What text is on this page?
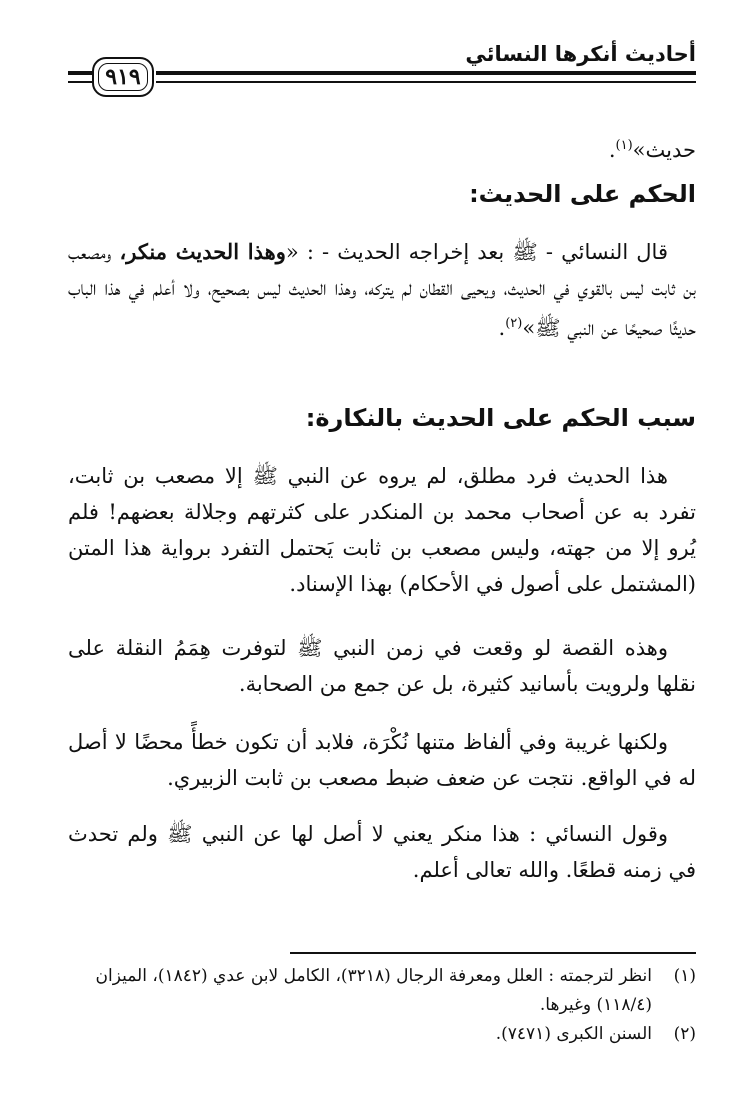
أحاديث أنكرها النسائي
٩١٩

حديث»$^{(١)}$.

الحكم على الحديث:

قال النسائي - ﷺ بعد إخراجه الحديث - : «وهذا الحديث منكر، ومصعب بن ثابت ليس بالقوي في الحديث، ويحيى القطان لم يتركه، وهذا الحديث ليس بصحيح، ولا أعلم في هذا الباب حديثًا صحيحًا عن النبي ﷺ»$^{(٢)}$.

سبب الحكم على الحديث بالنكارة:

هذا الحديث فرد مطلق، لم يروه عن النبي ﷺ إلا مصعب بن ثابت، تفرد به عن أصحاب محمد بن المنكدر على كثرتهم وجلالة بعضهم! فلم يُرو إلا من جهته، وليس مصعب بن ثابت يَحتمل التفرد برواية هذا المتن (المشتمل على أصول في الأحكام) بهذا الإسناد.

وهذه القصة لو وقعت في زمن النبي ﷺ لتوفرت هِمَمُ النقلة على نقلها ولرويت بأسانيد كثيرة، بل عن جمع من الصحابة.

ولكنها غريبة وفي ألفاظ متنها نُكْرَة، فلابد أن تكون خطأً محضًا لا أصل له في الواقع. نتجت عن ضعف ضبط مصعب بن ثابت الزبيري.

وقول النسائي : هذا منكر يعني لا أصل لها عن النبي ﷺ ولم تحدث في زمنه قطعًا. والله تعالى أعلم.

(١)
انظر لترجمته : العلل ومعرفة الرجال (٣٢١٨)، الكامل لابن عدي (١٨٤٢)، الميزان (١١٨/٤) وغيرها.
(٢)
السنن الكبرى (٧٤٧١).
